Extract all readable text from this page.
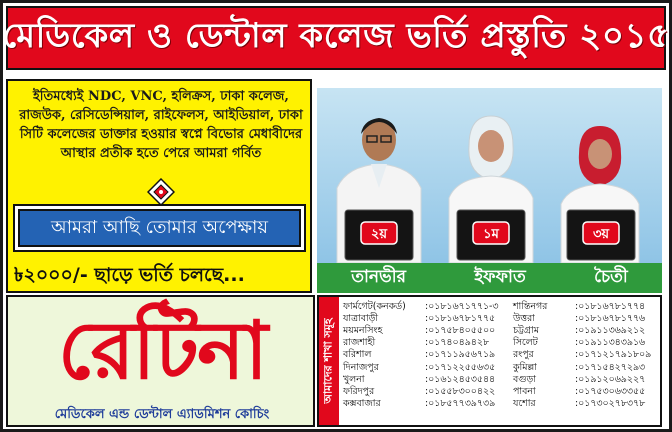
মেডিকেল ও ডেন্টাল কলেজ ভর্তি প্রস্তুতি ২০১৫
ইতিমধ্যেই NDC, VNC, হলিক্রস, ঢাকা কলেজ,
রাজউক, রেসিডেন্সিয়াল, রাইফেলস, আইডিয়াল, ঢাকা
সিটি কলেজের ডাক্তার হওয়ার স্বপ্নে বিভোর মেধাবীদের
আস্থার প্রতীক হতে পেরে আমরা গর্বিত
আমরা আছি তোমার অপেক্ষায়
৳২০০০/- ছাড়ে ভর্তি চলছে...
২য়	১ম	৩য়
তানভীর	ইফফাত	চৈতী
রেটিনা
মেডিকেল এন্ড ডেন্টাল এ্যাডমিশন কোচিং
আমাদের শাখা সমূহ
ফার্মগেট(কনকর্ড)	:০১৮১৬৭১৭৭১-৩	শান্তিনগর	:০১৮১৬৭৮১৭৭৪
যাত্রাবাড়ী	:০১৮১৬৭৮১৭৭৫	উত্তরা	:০১৮১৬৭৮১৭৭৬
ময়মনসিংহ	:০১৭৫৮৪০৫৫০০	চট্টগ্রাম	:০১৯১১৩৬৯২১২
রাজশাহী	:০১৭৪০৪৯৪২৮	সিলেট	:০১৯১১৩৪৩৯১৬
বরিশাল	:০১৭১১৯৫৬৭১৯	রংপুর	:০১৭১২১৭৯১৮০৯
দিনাজপুর	:০১৭১২২৫৫৬৩৫	কুমিল্লা	:০১৭১৫৪২৭২৯৩
খুলনা	:০১৬১২৪৫৩৫৪৪	বগুড়া	:০১৯১২০৬৯২২৭
ফরিদপুর	:০১৫৫৮৩০০৪২২	পাবনা	:০১৭৫৩০৬৩৩৫৫
কক্সবাজার	:০১৮৫৭৭৩৯৭৩৯	যশোর	:০১৭৩০২৭৮৩৭৮
